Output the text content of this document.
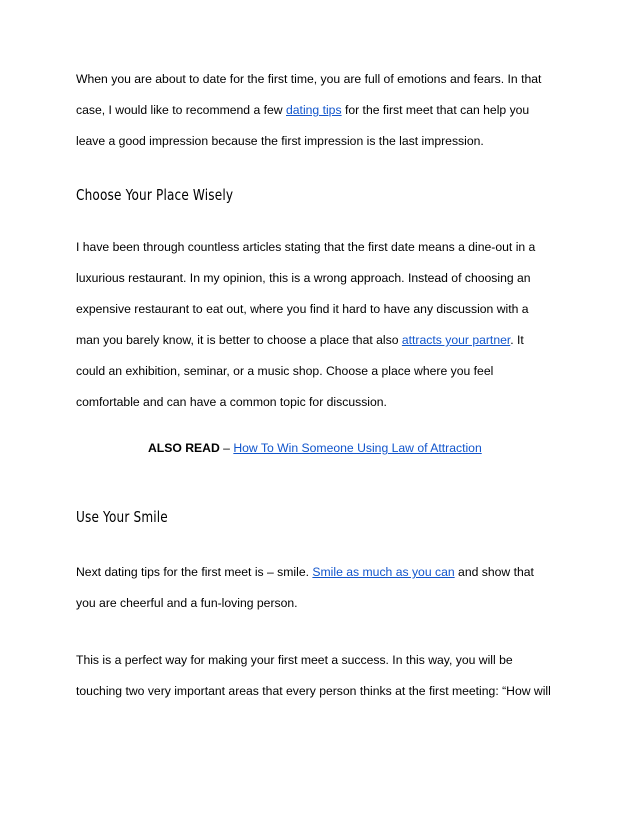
When you are about to date for the first time, you are full of emotions and fears. In that
case, I would like to recommend a few dating tips for the first meet that can help you
leave a good impression because the first impression is the last impression.
Choose Your Place Wisely
I have been through countless articles stating that the first date means a dine-out in a
luxurious restaurant. In my opinion, this is a wrong approach. Instead of choosing an
expensive restaurant to eat out, where you find it hard to have any discussion with a
man you barely know, it is better to choose a place that also attracts your partner. It
could an exhibition, seminar, or a music shop. Choose a place where you feel
comfortable and can have a common topic for discussion.
ALSO READ – How To Win Someone Using Law of Attraction
Use Your Smile
Next dating tips for the first meet is – smile. Smile as much as you can and show that
you are cheerful and a fun-loving person.
This is a perfect way for making your first meet a success. In this way, you will be
touching two very important areas that every person thinks at the first meeting: “How will
